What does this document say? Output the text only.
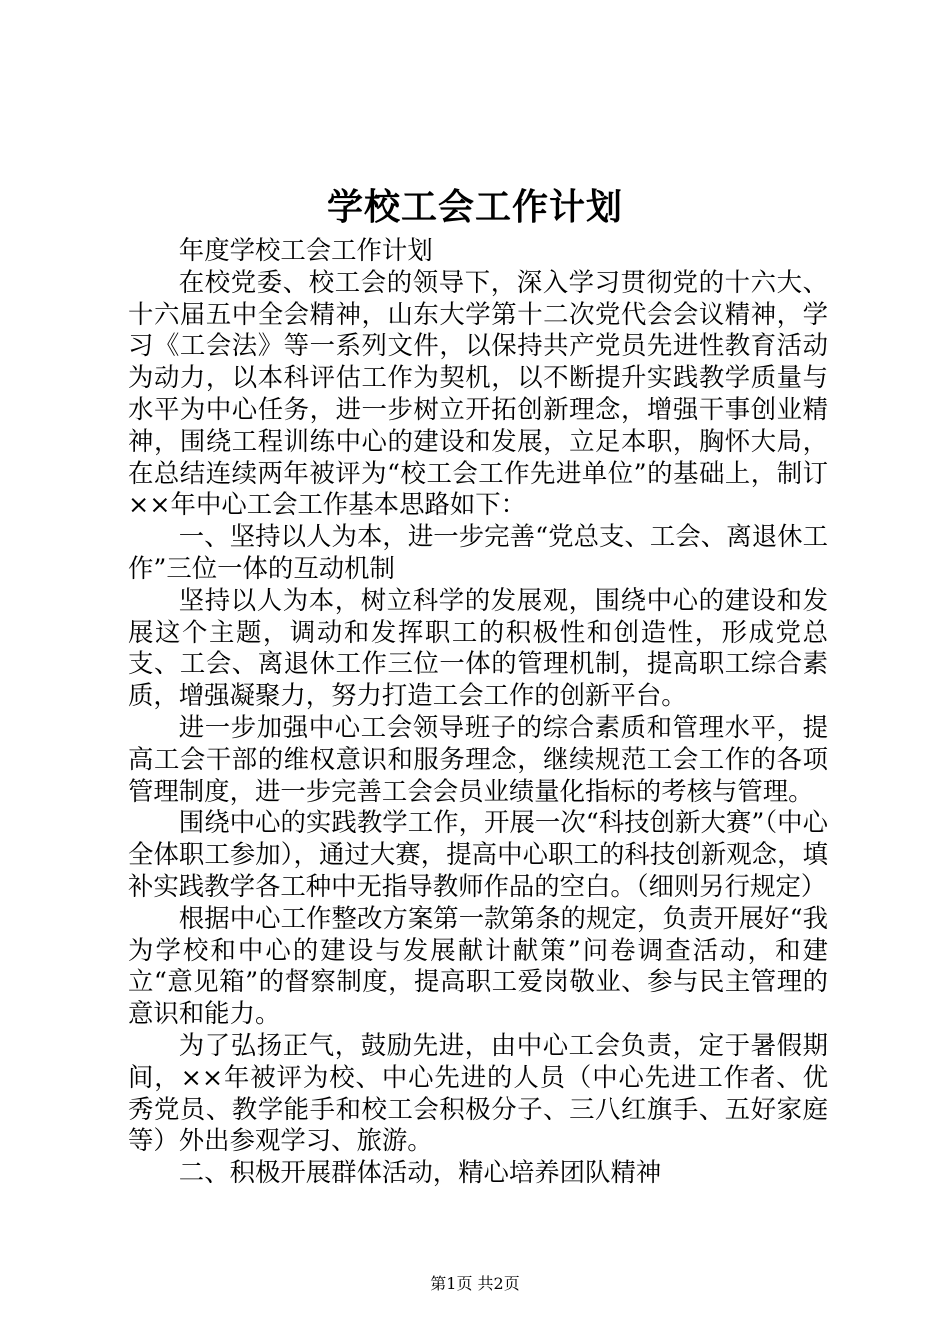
学校工会工作计划

年度学校工会工作计划

在校党委、校工会的领导下，深入学习贯彻党的十六大、十六届五中全会精神，山东大学第十二次党代会会议精神，学习《工会法》等一系列文件，以保持共产党员先进性教育活动为动力，以本科评估工作为契机，以不断提升实践教学质量与水平为中心任务，进一步树立开拓创新理念，增强干事创业精神，围绕工程训练中心的建设和发展，立足本职，胸怀大局，在总结连续两年被评为“校工会工作先进单位”的基础上，制订××年中心工会工作基本思路如下：

一、坚持以人为本，进一步完善“党总支、工会、离退休工作”三位一体的互动机制

坚持以人为本，树立科学的发展观，围绕中心的建设和发展这个主题，调动和发挥职工的积极性和创造性，形成党总支、工会、离退休工作三位一体的管理机制，提高职工综合素质，增强凝聚力，努力打造工会工作的创新平台。

进一步加强中心工会领导班子的综合素质和管理水平，提高工会干部的维权意识和服务理念，继续规范工会工作的各项管理制度，进一步完善工会会员业绩量化指标的考核与管理。

围绕中心的实践教学工作，开展一次“科技创新大赛”（中心全体职工参加），通过大赛，提高中心职工的科技创新观念，填补实践教学各工种中无指导教师作品的空白。（细则另行规定）

根据中心工作整改方案第一款第条的规定，负责开展好“我为学校和中心的建设与发展献计献策”问卷调查活动，和建立“意见箱”的督察制度，提高职工爱岗敬业、参与民主管理的意识和能力。

为了弘扬正气，鼓励先进，由中心工会负责，定于暑假期间，××年被评为校、中心先进的人员（中心先进工作者、优秀党员、教学能手和校工会积极分子、三八红旗手、五好家庭等）外出参观学习、旅游。

二、积极开展群体活动，精心培养团队精神

第1页 共2页
